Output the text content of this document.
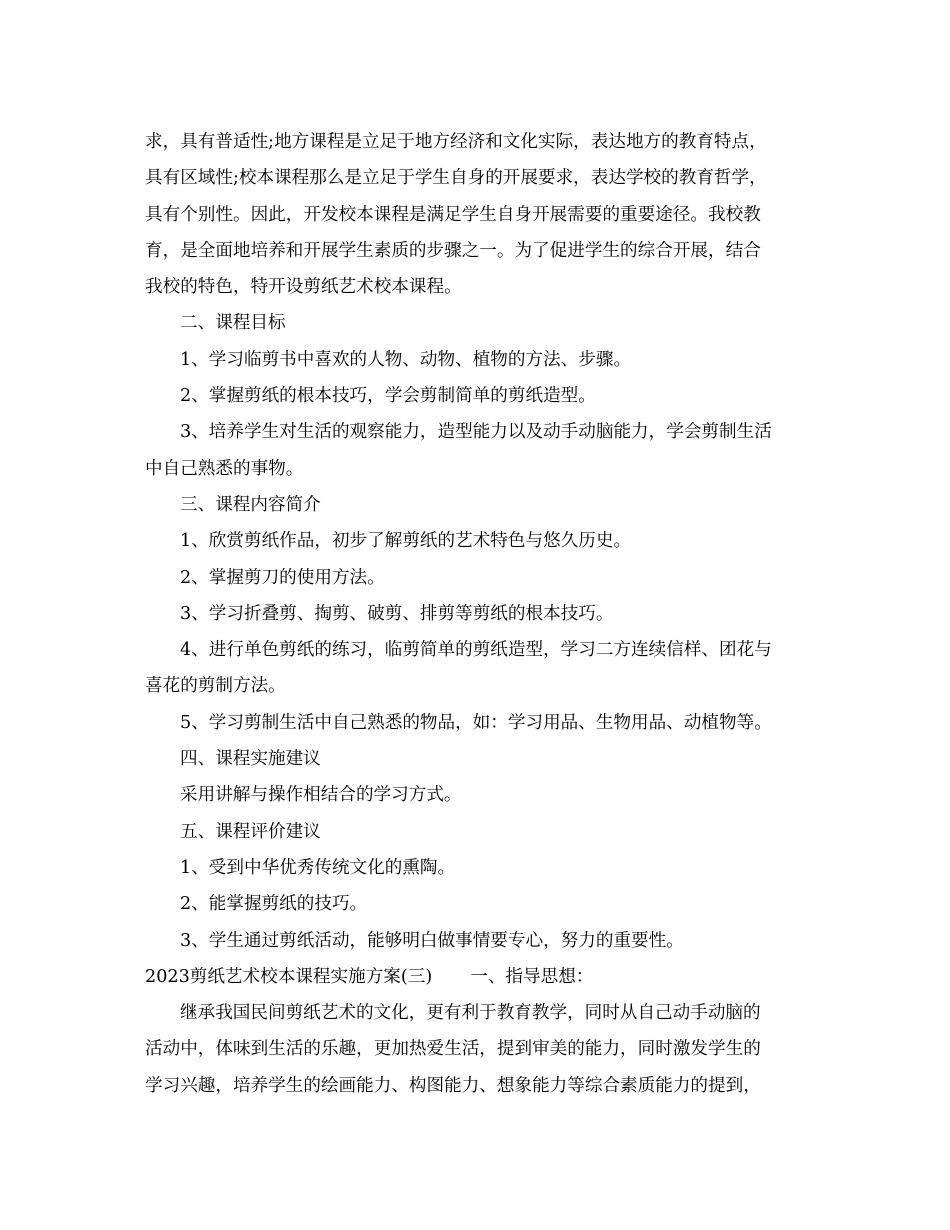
求，具有普适性;地方课程是立足于地方经济和文化实际，表达地方的教育特点，
具有区域性;校本课程那么是立足于学生自身的开展要求，表达学校的教育哲学，
具有个别性。因此，开发校本课程是满足学生自身开展需要的重要途径。我校教
育，是全面地培养和开展学生素质的步骤之一。为了促进学生的综合开展，结合
我校的特色，特开设剪纸艺术校本课程。
二、课程目标
1、学习临剪书中喜欢的人物、动物、植物的方法、步骤。
2、掌握剪纸的根本技巧，学会剪制简单的剪纸造型。
3、培养学生对生活的观察能力，造型能力以及动手动脑能力，学会剪制生活
中自己熟悉的事物。
三、课程内容简介
1、欣赏剪纸作品，初步了解剪纸的艺术特色与悠久历史。
2、掌握剪刀的使用方法。
3、学习折叠剪、掏剪、破剪、排剪等剪纸的根本技巧。
4、进行单色剪纸的练习，临剪简单的剪纸造型，学习二方连续信样、团花与
喜花的剪制方法。
5、学习剪制生活中自己熟悉的物品，如：学习用品、生物用品、动植物等。
四、课程实施建议
采用讲解与操作相结合的学习方式。
五、课程评价建议
1、受到中华优秀传统文化的熏陶。
2、能掌握剪纸的技巧。
3、学生通过剪纸活动，能够明白做事情要专心，努力的重要性。
2023剪纸艺术校本课程实施方案(三) 一、指导思想：
继承我国民间剪纸艺术的文化，更有利于教育教学，同时从自己动手动脑的
活动中，体味到生活的乐趣，更加热爱生活，提到审美的能力，同时激发学生的
学习兴趣，培养学生的绘画能力、构图能力、想象能力等综合素质能力的提到，
